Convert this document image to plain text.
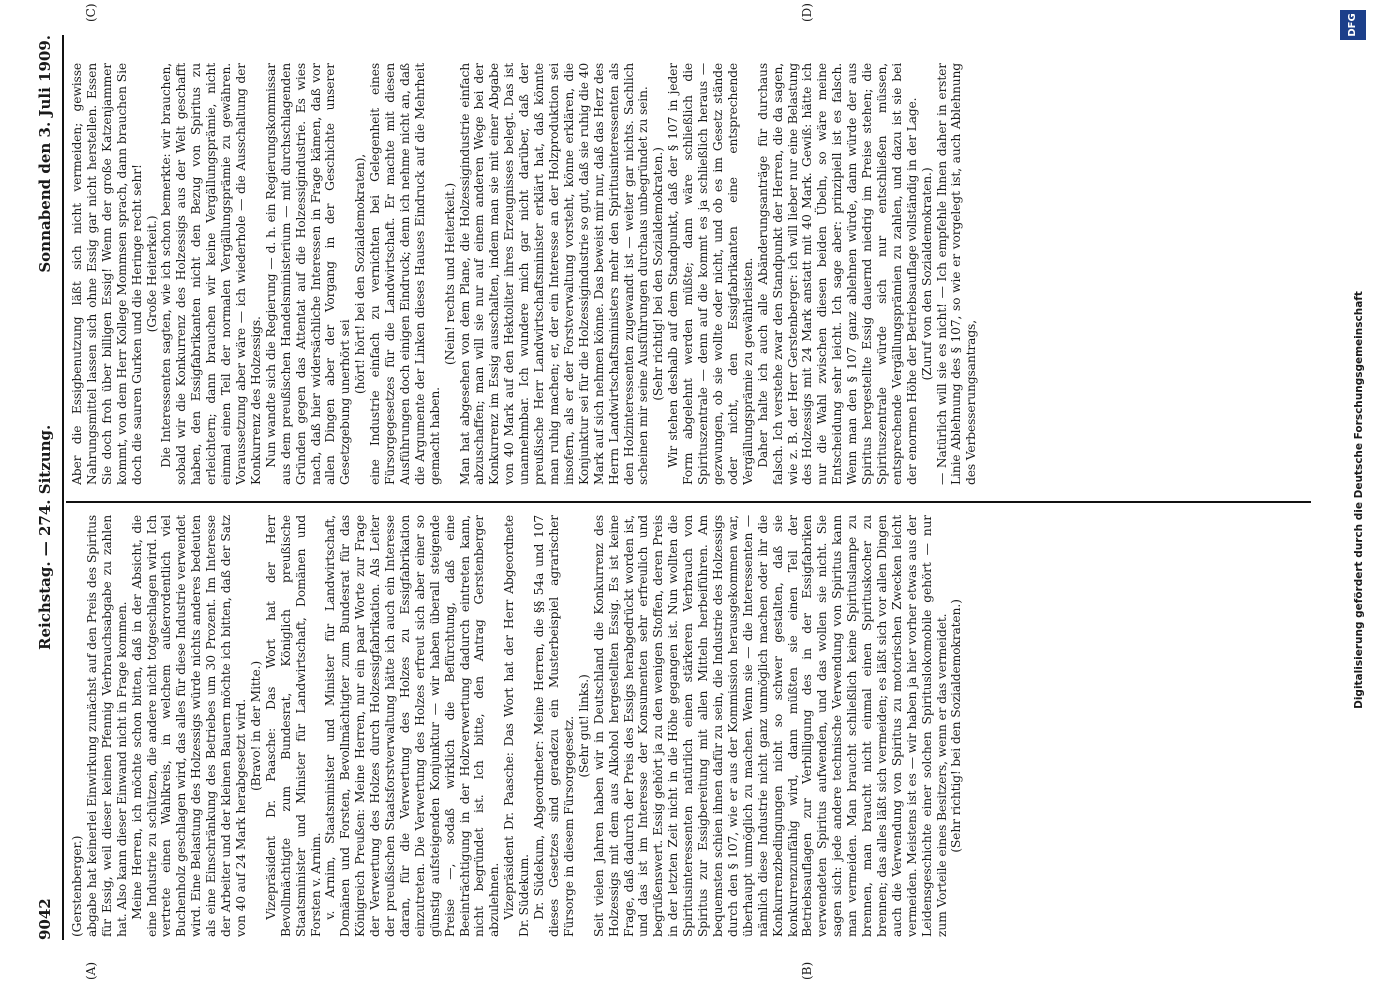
9042
Reichstag. — 274. Sitzung.
Sonnabend den 3. Juli 1909.
(A)	(B)
(C)	(D)

(Gerstenberger.) abgabe hat keinerlei Einwirkung zunächst auf den Preis des Spiritus für Essig, weil dieser keinen Pfennig Verbrauchsabgabe zu zahlen hat. Also kann dieser Einwand nicht in Frage kommen. Meine Herren, ich möchte schon bitten, daß in der Absicht, die eine Industrie zu schützen, die andere nicht totgeschlagen wird. Ich vertrete einen Wahlkreis, in welchem außerordentlich viel Buchenholz geschlagen wird, das alles für diese Industrie verwendet wird. Eine Belastung des Holzessigs würde nichts anderes bedeuten als eine Einschränkung des Betriebes um 30 Prozent. Im Interesse der Arbeiter und der kleinen Bauern möchte ich bitten, daß der Satz von 40 auf 24 Mark herabgesetzt wird. (Bravo! in der Mitte.) Vizepräsident Dr. Paasche: Das Wort hat der Herr Bevollmächtigte zum Bundesrat, Königlich preußische Staatsminister und Minister für Landwirtschaft, Domänen und Forsten v. Arnim. v. Arnim, Staatsminister und Minister für Landwirtschaft, Domänen und Forsten, Bevollmächtigter zum Bundesrat für das Königreich Preußen: Meine Herren, nur ein paar Worte zur Frage der Verwertung des Holzes durch Holzessigfabrikation. Als Leiter der preußischen Staatsforstverwaltung hätte ich auch ein Interesse daran, für die Verwertung des Holzes zu Essigfabrikation einzutreten. Die Verwertung des Holzes erfreut sich aber einer so günstig aufsteigenden Konjunktur — wir haben überall steigende Preise —, sodaß wirklich die Befürchtung, daß eine Beeinträchtigung in der Holzverwertung dadurch eintreten kann, nicht begründet ist. Ich bitte, den Antrag Gerstenberger abzulehnen. Vizepräsident Dr. Paasche: Das Wort hat der Herr Abgeordnete Dr. Südekum. Dr. Südekum, Abgeordneter: Meine Herren, die §§ 54a und 107 dieses Gesetzes sind geradezu ein Musterbeispiel agrarischer Fürsorge in diesem Fürsorgegesetz. (Sehr gut! links.) Seit vielen Jahren haben wir in Deutschland die Konkurrenz des Holzessigs mit dem aus Alkohol hergestellten Essig. Es ist keine Frage, daß dadurch der Preis des Essigs herabgedrückt worden ist, und das ist im Interesse der Konsumenten sehr erfreulich und begrüßenswert. Essig gehört ja zu den wenigen Stoffen, deren Preis in der letzten Zeit nicht in die Höhe gegangen ist. Nun wollten die Spiritusinteressenten natürlich einen stärkeren Verbrauch von Spiritus zur Essigbereitung mit allen Mitteln herbeiführen. Am bequemsten schien ihnen dafür zu sein, die Industrie des Holzessigs durch den § 107, wie er aus der Kommission herausgekommen war, überhaupt unmöglich zu machen. Wenn sie — die Interessenten — nämlich diese Industrie nicht ganz unmöglich machen oder ihr die Konkurrenzbedingungen nicht so schwer gestalten, daß sie konkurrenzunfähig wird, dann müßten sie einen Teil der Betriebsauflagen zur Verbilligung des in der Essigfabriken verwendeten Spiritus aufwenden, und das wollen sie nicht. Sie sagen sich: jede andere technische Verwendung von Spiritus kann man vermeiden. Man braucht schließlich keine Spirituslampe zu brennen, man braucht nicht einmal einen Spirituskocher zu brennen; das alles läßt sich vermeiden; es läßt sich vor allen Dingen auch die Verwendung von Spiritus zu motorischen Zwecken leicht vermeiden. Meistens ist es — wir haben ja hier vorher etwas aus der Leidensgeschichte einer solchen Spirituslokomobile gehört — nur zum Vorteile eines Besitzers, wenn er das vermeidet. (Sehr richtig! bei den Sozialdemokraten.)

Aber die Essigbenutzung läßt sich nicht vermeiden; gewisse Nahrungsmittel lassen sich ohne Essig gar nicht herstellen. Essen Sie doch froh über billigen Essig! Wenn der große Katzenjammer kommt, von dem Herr Kollege Mommsen sprach, dann brauchen Sie doch die sauren Gurken und die Heringe recht sehr! (Große Heiterkeit.) Die Interessenten sagten, wie ich schon bemerkte: wir brauchen, sobald wir die Konkurrenz des Holzessigs aus der Welt geschafft haben, den Essigfabrikanten nicht den Bezug von Spiritus zu erleichtern; dann brauchen wir keine Vergällungsprämie, nicht einmal einen Teil der normalen Vergällungsprämie zu gewähren. Voraussetzung aber wäre — ich wiederhole — die Ausschaltung der Konkurrenz des Holzessigs. Nun wandte sich die Regierung — d. h. ein Regierungskommissar aus dem preußischen Handelsministerium — mit durchschlagenden Gründen gegen das Attentat auf die Holzessigindustrie. Es wies nach, daß hier widersächliche Interessen in Frage kämen, daß vor allen Dingen aber der Vorgang in der Geschichte unserer Gesetzgebung unerhört sei

(hört! hört! bei den Sozialdemokraten), eine Industrie einfach zu vernichten bei Gelegenheit eines Fürsorgegesetzes für die Landwirtschaft. Er machte mit diesen Ausführungen doch einigen Eindruck; denn ich nehme nicht an, daß die Argumente der Linken dieses Hauses Eindruck auf die Mehrheit gemacht haben.

(Nein! rechts und Heiterkeit.) Man hat abgesehen von dem Plane, die Holzessigindustrie einfach abzuschaffen; man will sie nur auf einem anderen Wege bei der Konkurrenz im Essig ausschalten, indem man sie mit einer Abgabe von 40 Mark auf den Hektoliter ihres Erzeugnisses belegt. Das ist unannehmbar. Ich wundere mich gar nicht darüber, daß der preußische Herr Landwirtschaftsminister erklärt hat, daß könnte man ruhig machen; er, der ein Interesse an der Holzproduktion sei insofern, als er der Forstverwaltung vorsteht, könne erklären, die Konjunktur sei für die Holzessigindustrie so gut, daß sie ruhig die 40 Mark auf sich nehmen könne. Das beweist mir nur, daß das Herz des Herrn Landwirtschaftsministers mehr den Spiritusinteressenten als den Holzinteressenten zugewandt ist — weiter gar nichts. Sachlich scheinen mir seine Ausführungen durchaus unbegründet zu sein. (Sehr richtig! bei den Sozialdemokraten.) Wir stehen deshalb auf dem Standpunkt, daß der § 107 in jeder Form abgelehnt werden müßte; dann wäre schließlich die Spirituszentrale — denn auf die kommt es ja schließlich heraus — gezwungen, ob sie wollte oder nicht, und ob es im Gesetz stände oder nicht, den Essigfabrikanten eine entsprechende Vergällungsprämie zu gewährleisten. Daher halte ich auch alle Abänderungsanträge für durchaus falsch. Ich verstehe zwar den Standpunkt der Herren, die da sagen, wie z. B. der Herr Gerstenberger: ich will lieber nur eine Belastung des Holzessigs mit 24 Mark anstatt mit 40 Mark. Gewiß: hätte ich nur die Wahl zwischen diesen beiden Übeln, so wäre meine Entscheidung sehr leicht. Ich sage aber: prinzipiell ist es falsch. Wenn man den § 107 ganz ablehnen würde, dann würde der aus Spiritus hergestellte Essig dauernd niedrig im Preise stehen; die Spirituszentrale würde sich nur entschließen müssen, entsprechende Vergällungsprämien zu zahlen, und dazu ist sie bei der enormen Höhe der Betriebsauflage vollständig in der Lage. (Zuruf von den Sozialdemokraten.) — Natürlich will sie es nicht! — Ich empfehle Ihnen daher in erster Linie Ablehnung des § 107, so wie er vorgelegt ist, auch Ablehnung des Verbesserungsantrags,	Digitalisierung gefördert durch die Deutsche Forschungsgemeinschaft
DFG
